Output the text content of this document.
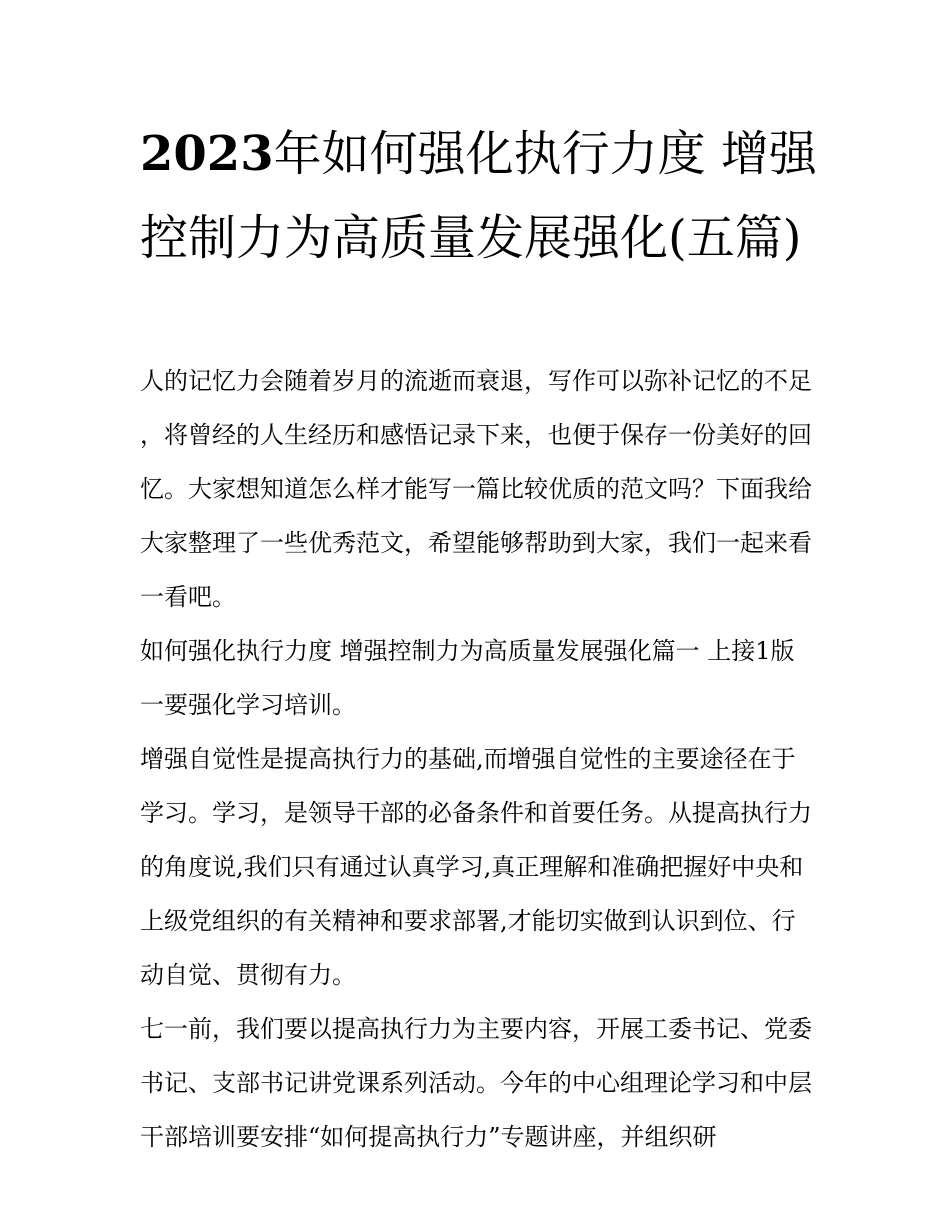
2023年如何强化执行力度 增强控制力为高质量发展强化(五篇)

人的记忆力会随着岁月的流逝而衰退，写作可以弥补记忆的不足，将曾经的人生经历和感悟记录下来，也便于保存一份美好的回忆。大家想知道怎么样才能写一篇比较优质的范文吗？下面我给大家整理了一些优秀范文，希望能够帮助到大家，我们一起来看一看吧。

如何强化执行力度 增强控制力为高质量发展强化篇一 上接1版 一要强化学习培训。

增强自觉性是提高执行力的基础,而增强自觉性的主要途径在于学习。学习，是领导干部的必备条件和首要任务。从提高执行力的角度说,我们只有通过认真学习,真正理解和准确把握好中央和上级党组织的有关精神和要求部署,才能切实做到认识到位、行动自觉、贯彻有力。

七一前，我们要以提高执行力为主要内容，开展工委书记、党委书记、支部书记讲党课系列活动。今年的中心组理论学习和中层干部培训要安排“如何提高执行力”专题讲座，并组织研
